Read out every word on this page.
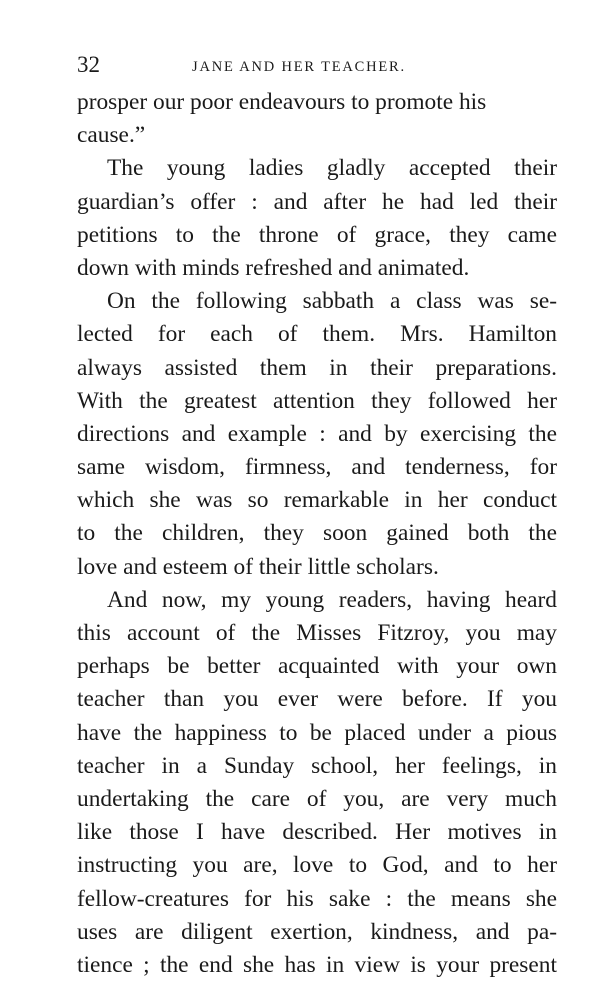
32	JANE AND HER TEACHER.
prosper our poor endeavours to promote his
cause.”
The young ladies gladly accepted their
guardian’s offer : and after he had led their
petitions to the throne of grace, they came
down with minds refreshed and animated.
On the following sabbath a class was se-
lected for each of them. Mrs. Hamilton
always assisted them in their preparations.
With the greatest attention they followed her
directions and example : and by exercising the
same wisdom, firmness, and tenderness, for
which she was so remarkable in her conduct
to the children, they soon gained both the
love and esteem of their little scholars.
And now, my young readers, having heard
this account of the Misses Fitzroy, you may
perhaps be better acquainted with your own
teacher than you ever were before. If you
have the happiness to be placed under a pious
teacher in a Sunday school, her feelings, in
undertaking the care of you, are very much
like those I have described. Her motives in
instructing you are, love to God, and to her
fellow-creatures for his sake : the means she
uses are diligent exertion, kindness, and pa-
tience ; the end she has in view is your present
